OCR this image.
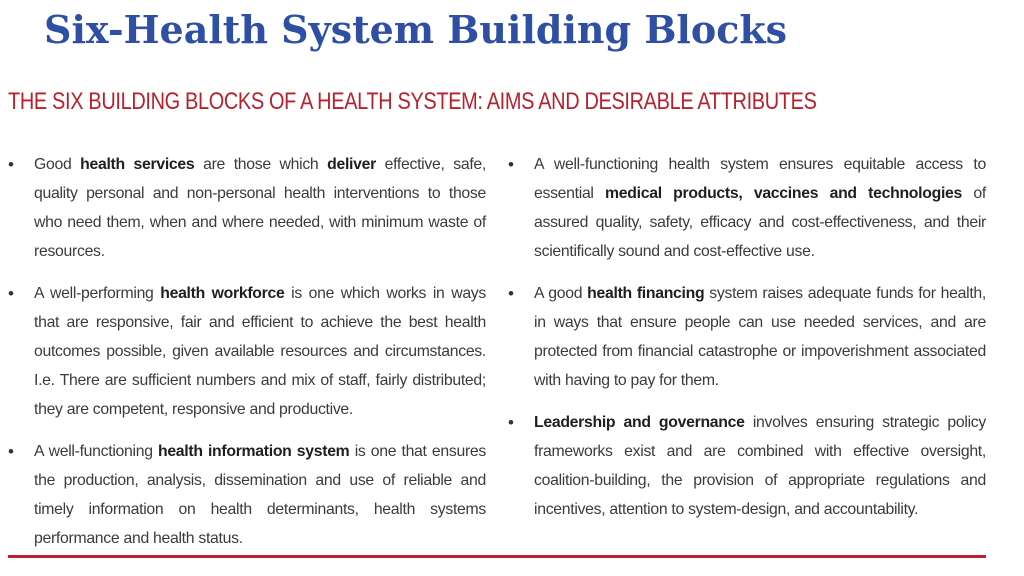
Six-Health System Building Blocks
THE SIX BUILDING BLOCKS OF A HEALTH SYSTEM: AIMS AND DESIRABLE ATTRIBUTES
• Good health services are those which deliver effective, safe, quality personal and non-personal health interventions to those who need them, when and where needed, with minimum waste of resources.

• A well-performing health workforce is one which works in ways that are responsive, fair and efficient to achieve the best health outcomes possible, given available resources and circumstances. I.e. There are sufficient numbers and mix of staff, fairly distributed; they are competent, responsive and productive.

• A well-functioning health information system is one that ensures the production, analysis, dissemination and use of reliable and timely information on health determinants, health systems performance and health status.

• A well-functioning health system ensures equitable access to essential medical products, vaccines and technologies of assured quality, safety, efficacy and cost-effectiveness, and their scientifically sound and cost-effective use.

• A good health financing system raises adequate funds for health, in ways that ensure people can use needed services, and are protected from financial catastrophe or impoverishment associated with having to pay for them.

• Leadership and governance involves ensuring strategic policy frameworks exist and are combined with effective oversight, coalition-building, the provision of appropriate regulations and incentives, attention to system-design, and accountability.
